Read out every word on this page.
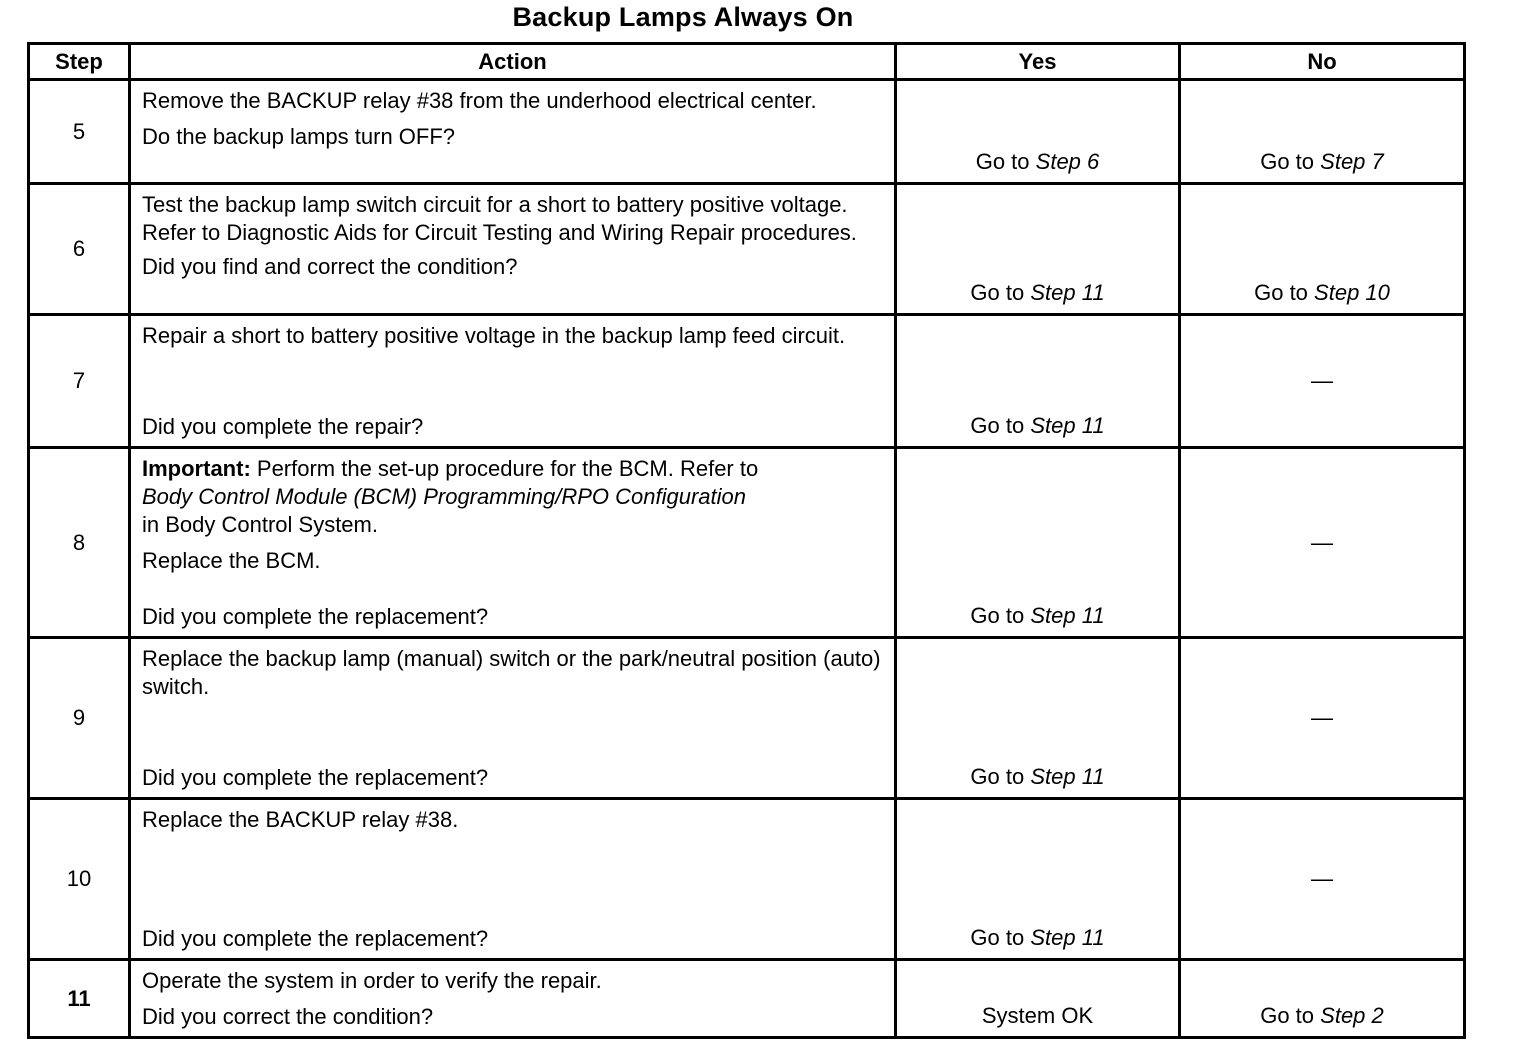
Backup Lamps Always On
Step	Action	Yes	No
5	Remove the BACKUP relay #38 from the underhood electrical center.

Do the backup lamps turn OFF?	Go to Step 6	Go to Step 7
6	Test the backup lamp switch circuit for a short to battery positive voltage. Refer to Diagnostic Aids for Circuit Testing and Wiring Repair procedures.

Did you find and correct the condition?	Go to Step 11	Go to Step 10
7	Repair a short to battery positive voltage in the backup lamp feed circuit.

Did you complete the repair?	Go to Step 11	—
8	Important: Perform the set-up procedure for the BCM. Refer to
Body Control Module (BCM) Programming/RPO Configuration
in Body Control System.

Replace the BCM.

Did you complete the replacement?	Go to Step 11	—
9	Replace the backup lamp (manual) switch or the park/neutral position (auto) switch.

Did you complete the replacement?	Go to Step 11	—
10	Replace the BACKUP relay #38.

Did you complete the replacement?	Go to Step 11	—
11	Operate the system in order to verify the repair.

Did you correct the condition?	System OK	Go to Step 2
